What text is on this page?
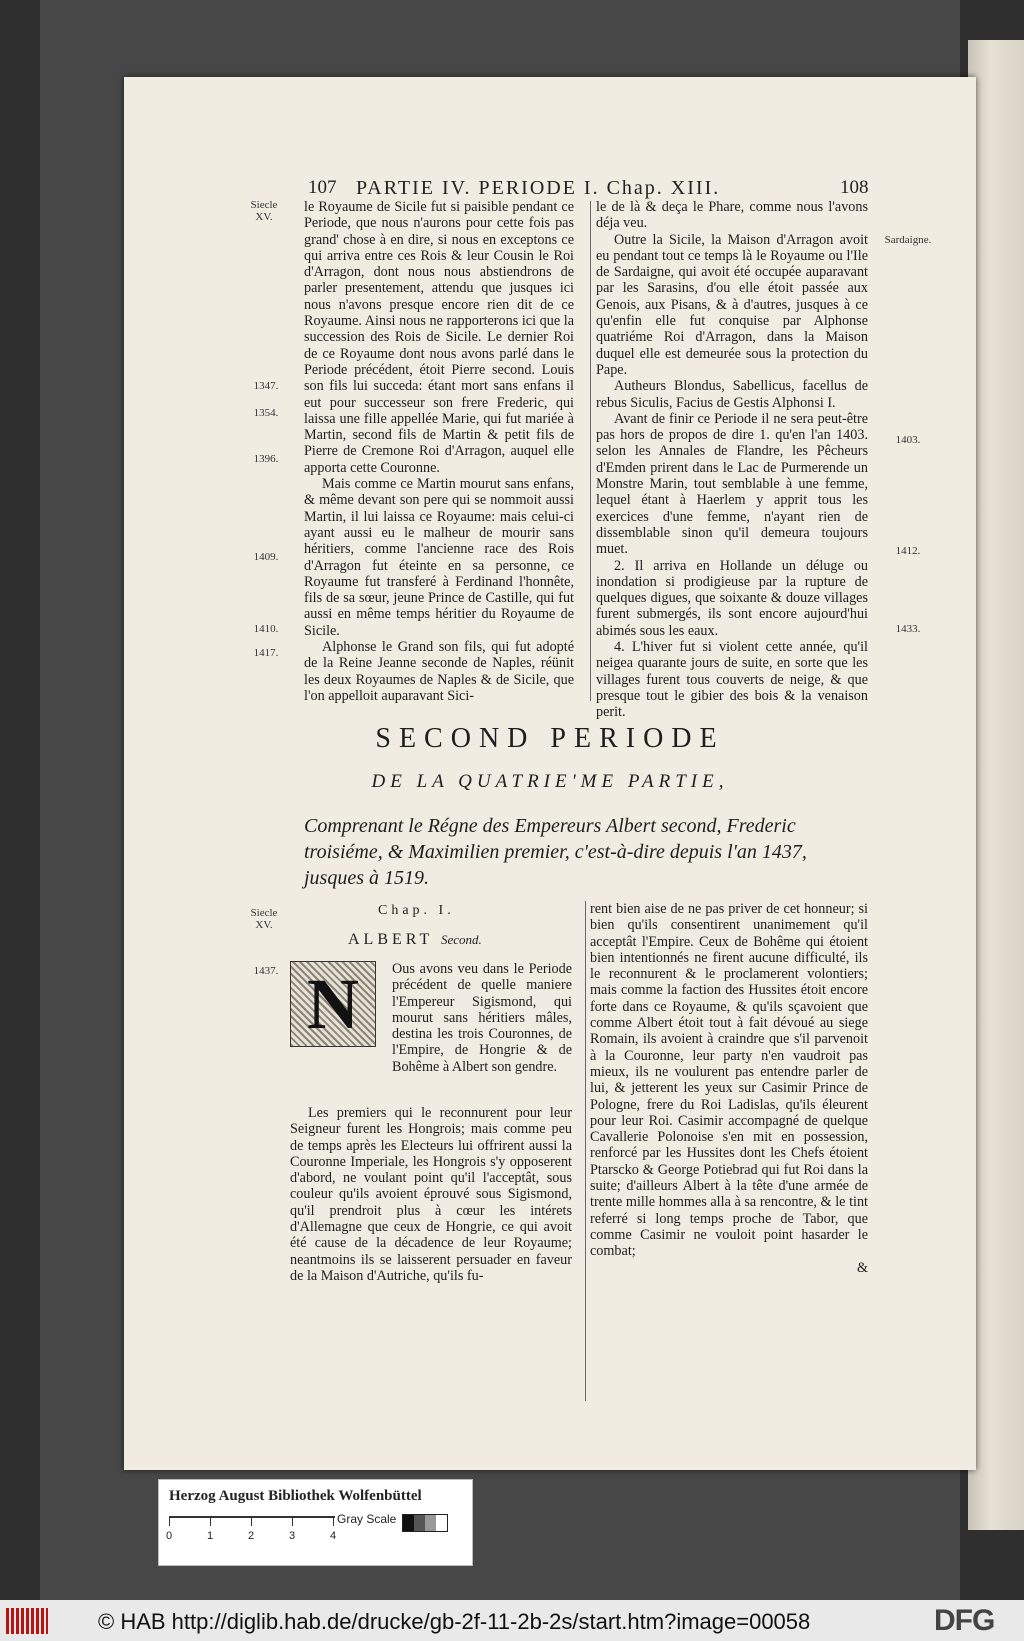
107 PARTIE IV. PERIODE I. Chap. XIII.	108
Siecle XV.
1347.
1354.
1396.
1409.
1410.
1417.
Sardaigne.
1403.
1412.
1433.

le Royaume de Sicile fut si paisible pendant ce Periode, que nous n'aurons pour cette fois pas grand' chose à en dire, si nous en exceptons ce qui arriva entre ces Rois & leur Cousin le Roi d'Arragon, dont nous nous abstiendrons de parler presentement, attendu que jusques ici nous n'avons presque encore rien dit de ce Royaume. Ainsi nous ne rapporterons ici que la succession des Rois de Sicile. Le dernier Roi de ce Royaume dont nous avons parlé dans le Periode précédent, étoit Pierre second. Louis son fils lui succeda: étant mort sans enfans il eut pour successeur son frere Frederic, qui laissa une fille appellée Marie, qui fut mariée à Martin, second fils de Martin & petit fils de Pierre de Cremone Roi d'Arragon, auquel elle apporta cette Couronne.

Mais comme ce Martin mourut sans enfans, & même devant son pere qui se nommoit aussi Martin, il lui laissa ce Royaume: mais celui-ci ayant aussi eu le malheur de mourir sans héritiers, comme l'ancienne race des Rois d'Arragon fut éteinte en sa personne, ce Royaume fut transferé à Ferdinand l'honnête, fils de sa sœur, jeune Prince de Castille, qui fut aussi en même temps héritier du Royaume de Sicile.

Alphonse le Grand son fils, qui fut adopté de la Reine Jeanne seconde de Naples, réünit les deux Royaumes de Naples & de Sicile, que l'on appelloit auparavant Sici-

le de là & deça le Phare, comme nous l'avons déja veu.

Outre la Sicile, la Maison d'Arragon avoit eu pendant tout ce temps là le Royaume ou l'Ile de Sardaigne, qui avoit été occupée auparavant par les Sarasins, d'ou elle étoit passée aux Genois, aux Pisans, & à d'autres, jusques à ce qu'enfin elle fut conquise par Alphonse quatriéme Roi d'Arragon, dans la Maison duquel elle est demeurée sous la protection du Pape.

Autheurs Blondus, Sabellicus, facellus de rebus Siculis, Facius de Gestis Alphonsi I.

Avant de finir ce Periode il ne sera peut-être pas hors de propos de dire 1. qu'en l'an 1403. selon les Annales de Flandre, les Pêcheurs d'Emden prirent dans le Lac de Purmerende un Monstre Marin, tout semblable à une femme, lequel étant à Haerlem y apprit tous les exercices d'une femme, n'ayant rien de dissemblable sinon qu'il demeura toujours muet.

2. Il arriva en Hollande un déluge ou inondation si prodigieuse par la rupture de quelques digues, que soixante & douze villages furent submergés, ils sont encore aujourd'hui abimés sous les eaux.

4. L'hiver fut si violent cette année, qu'il neigea quarante jours de suite, en sorte que les villages furent tous couverts de neige, & que presque tout le gibier des bois & la venaison perit.

SECOND PERIODE
DE LA QUATRIE'ME PARTIE,
Comprenant le Régne des Empereurs Albert second, Frederic troisiéme, & Maximilien premier, c'est-à-dire depuis l'an 1437, jusques à 1519.
Siecle XV.
1437.
Chap. I.
ALBERT Second.
N	Ous avons veu dans le Periode précédent de quelle maniere l'Empereur Sigismond, qui mourut sans héritiers mâles, destina les trois Couronnes, de l'Empire, de Hongrie & de Bohême à Albert son gendre.

Les premiers qui le reconnurent pour leur Seigneur furent les Hongrois; mais comme peu de temps après les Electeurs lui offrirent aussi la Couronne Imperiale, les Hongrois s'y opposerent d'abord, ne voulant point qu'il l'acceptât, sous couleur qu'ils avoient éprouvé sous Sigismond, qu'il prendroit plus à cœur les intérets d'Allemagne que ceux de Hongrie, ce qui avoit été cause de la décadence de leur Royaume; neantmoins ils se laisserent persuader en faveur de la Maison d'Autriche, qu'ils fu-

rent bien aise de ne pas priver de cet honneur; si bien qu'ils consentirent unanimement qu'il acceptât l'Empire. Ceux de Bohême qui étoient bien intentionnés ne firent aucune difficulté, ils le reconnurent & le proclamerent volontiers; mais comme la faction des Hussites étoit encore forte dans ce Royaume, & qu'ils sçavoient que comme Albert étoit tout à fait dévoué au siege Romain, ils avoient à craindre que s'il parvenoit à la Couronne, leur party n'en vaudroit pas mieux, ils ne voulurent pas entendre parler de lui, & jetterent les yeux sur Casimir Prince de Pologne, frere du Roi Ladislas, qu'ils éleurent pour leur Roi. Casimir accompagné de quelque Cavallerie Polonoise s'en mit en possession, renforcé par les Hussites dont les Chefs étoient Ptarscko & George Potiebrad qui fut Roi dans la suite; d'ailleurs Albert à la tête d'une armée de trente mille hommes alla à sa rencontre, & le tint referré si long temps proche de Tabor, que comme Casimir ne vouloit point hasarder le combat;

&

Herzog August Bibliothek Wolfenbüttel
0	1	2	3	4
Gray Scale
© HAB http://diglib.hab.de/drucke/gb-2f-11-2b-2s/start.htm?image=00058	DFG
